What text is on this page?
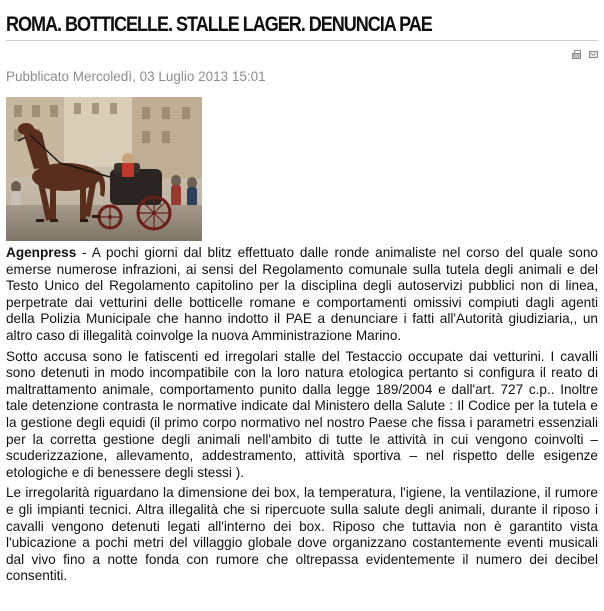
ROMA. BOTTICELLE. STALLE LAGER. DENUNCIA PAE
Pubblicato Mercoledì, 03 Luglio 2013 15:01

Agenpress - A pochi giorni dal blitz effettuato dalle ronde animaliste nel corso del quale sono emerse numerose infrazioni, ai sensi del Regolamento comunale sulla tutela degli animali e del Testo Unico del Regolamento capitolino per la disciplina degli autoservizi pubblici non di linea, perpetrate dai vetturini delle botticelle romane e comportamenti omissivi compiuti dagli agenti della Polizia Municipale che hanno indotto il PAE a denunciare i fatti all'Autorità giudiziaria,, un altro caso di illegalità coinvolge la nuova Amministrazione Marino.

Sotto accusa sono le fatiscenti ed irregolari stalle del Testaccio occupate dai vetturini. I cavalli sono detenuti in modo incompatibile con la loro natura etologica pertanto si configura il reato di maltrattamento animale, comportamento punito dalla legge 189/2004 e dall'art. 727 c.p.. Inoltre tale detenzione contrasta le normative indicate dal Ministero della Salute : Il Codice per la tutela e la gestione degli equidi (il primo corpo normativo nel nostro Paese che fissa i parametri essenziali per la corretta gestione degli animali nell'ambito di tutte le attività in cui vengono coinvolti – scuderizzazione, allevamento, addestramento, attività sportiva – nel rispetto delle esigenze etologiche e di benessere degli stessi ).

Le irregolarità riguardano la dimensione dei box, la temperatura, l'igiene, la ventilazione, il rumore e gli impianti tecnici. Altra illegalità che si ripercuote sulla salute degli animali, durante il riposo i cavalli vengono detenuti legati all'interno dei box. Riposo che tuttavia non è garantito vista l'ubicazione a pochi metri del villaggio globale dove organizzano costantemente eventi musicali dal vivo fino a notte fonda con rumore che oltrepassa evidentemente il numero dei decibel consentiti.
